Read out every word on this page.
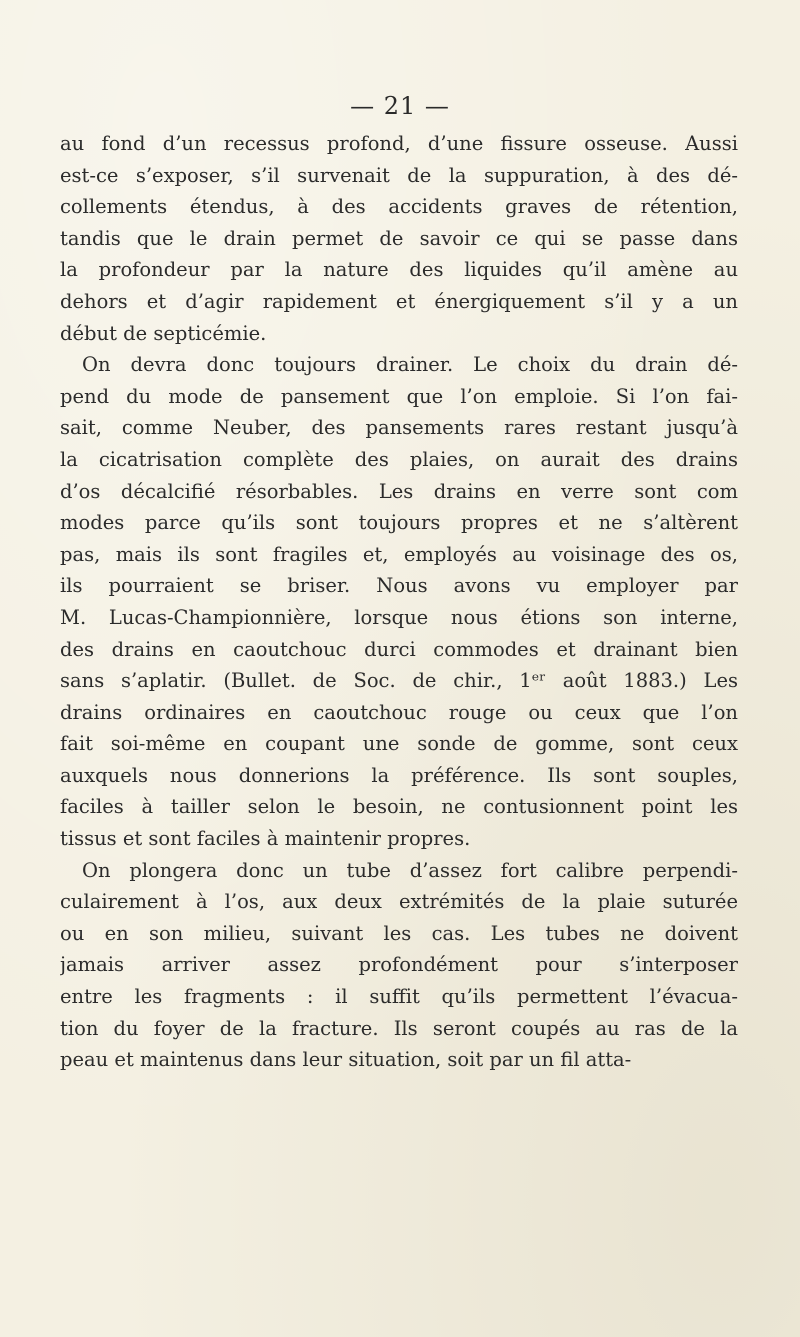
— 21 —
au fond d’un recessus profond, d’une fissure osseuse. Aussi
est-ce s’exposer, s’il survenait de la suppuration, à des dé-
collements étendus, à des accidents graves de rétention,
tandis que le drain permet de savoir ce qui se passe dans
la profondeur par la nature des liquides qu’il amène au
dehors et d’agir rapidement et énergiquement s’il y a un
début de septicémie.
On devra donc toujours drainer. Le choix du drain dé-
pend du mode de pansement que l’on emploie. Si l’on fai-
sait, comme Neuber, des pansements rares restant jusqu’à
la cicatrisation complète des plaies, on aurait des drains
d’os décalcifié résorbables. Les drains en verre sont com
modes parce qu’ils sont toujours propres et ne s’altèrent
pas, mais ils sont fragiles et, employés au voisinage des os,
ils pourraient se briser. Nous avons vu employer par
M. Lucas-Championnière, lorsque nous étions son interne,
des drains en caoutchouc durci commodes et drainant bien
sans s’aplatir. (Bullet. de Soc. de chir., 1ᵉʳ août 1883.) Les
drains ordinaires en caoutchouc rouge ou ceux que l’on
fait soi-même en coupant une sonde de gomme, sont ceux
auxquels nous donnerions la préférence. Ils sont souples,
faciles à tailler selon le besoin, ne contusionnent point les
tissus et sont faciles à maintenir propres.
On plongera donc un tube d’assez fort calibre perpendi-
culairement à l’os, aux deux extrémités de la plaie suturée
ou en son milieu, suivant les cas. Les tubes ne doivent
jamais arriver assez profondément pour s’interposer
entre les fragments : il suffit qu’ils permettent l’évacua-
tion du foyer de la fracture. Ils seront coupés au ras de la
peau et maintenus dans leur situation, soit par un fil atta-
